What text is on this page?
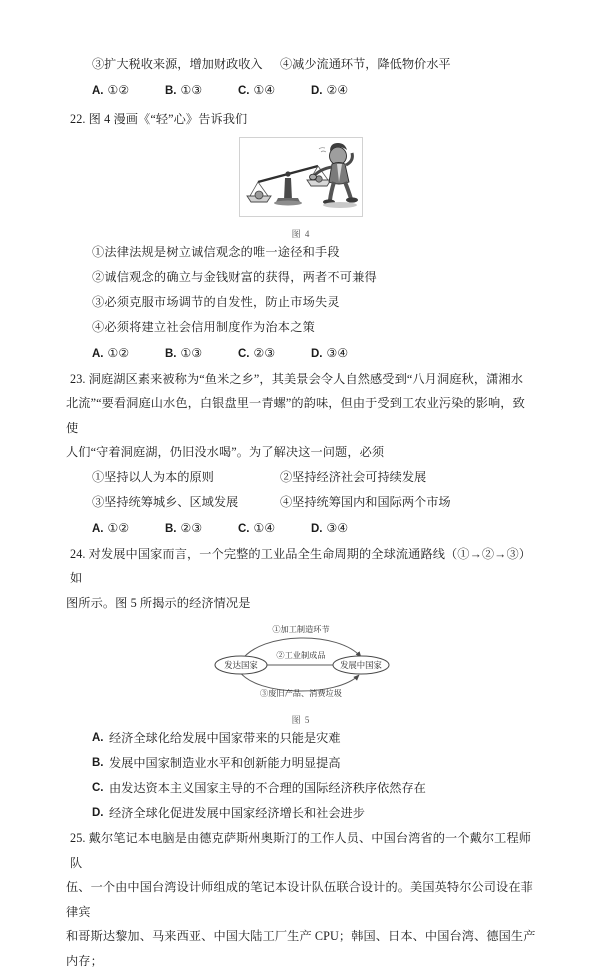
③扩大税收来源，增加财政收入	④减少流通环节，降低物价水平
A. ①②	B. ①③	C. ①④	D. ②④
22. 图 4 漫画《“轻”心》告诉我们
图 4
①法律法规是树立诚信观念的唯一途径和手段
②诚信观念的确立与金钱财富的获得，两者不可兼得
③必须克服市场调节的自发性，防止市场失灵
④必须将建立社会信用制度作为治本之策
A. ①②	B. ①③	C. ②③	D. ③④
23. 洞庭湖区素来被称为“鱼米之乡”，其美景会令人自然感受到“八月洞庭秋，潇湘水
北流”“要看洞庭山水色，白银盘里一青螺”的韵味，但由于受到工农业污染的影响，致使
人们“守着洞庭湖，仍旧没水喝”。为了解决这一问题，必须
①坚持以人为本的原则	②坚持经济社会可持续发展
③坚持统筹城乡、区域发展	④坚持统筹国内和国际两个市场
A. ①②	B. ②③	C. ①④	D. ③④
24. 对发展中国家而言，一个完整的工业品全生命周期的全球流通路线（①→②→③）如
图所示。图 5 所揭示的经济情况是
①加工制造环节
②工业制成品
③废旧产品、消费垃圾
发达国家	发展中国家
图 5
A. 经济全球化给发展中国家带来的只能是灾难
B. 发展中国家制造业水平和创新能力明显提高
C. 由发达资本主义国家主导的不合理的国际经济秩序依然存在
D. 经济全球化促进发展中国家经济增长和社会进步
25. 戴尔笔记本电脑是由德克萨斯州奥斯汀的工作人员、中国台湾省的一个戴尔工程师队
伍、一个由中国台湾设计师组成的笔记本设计队伍联合设计的。美国英特尔公司设在菲律宾
和哥斯达黎加、马来西亚、中国大陆工厂生产 CPU；韩国、日本、中国台湾、德国生产内存；
